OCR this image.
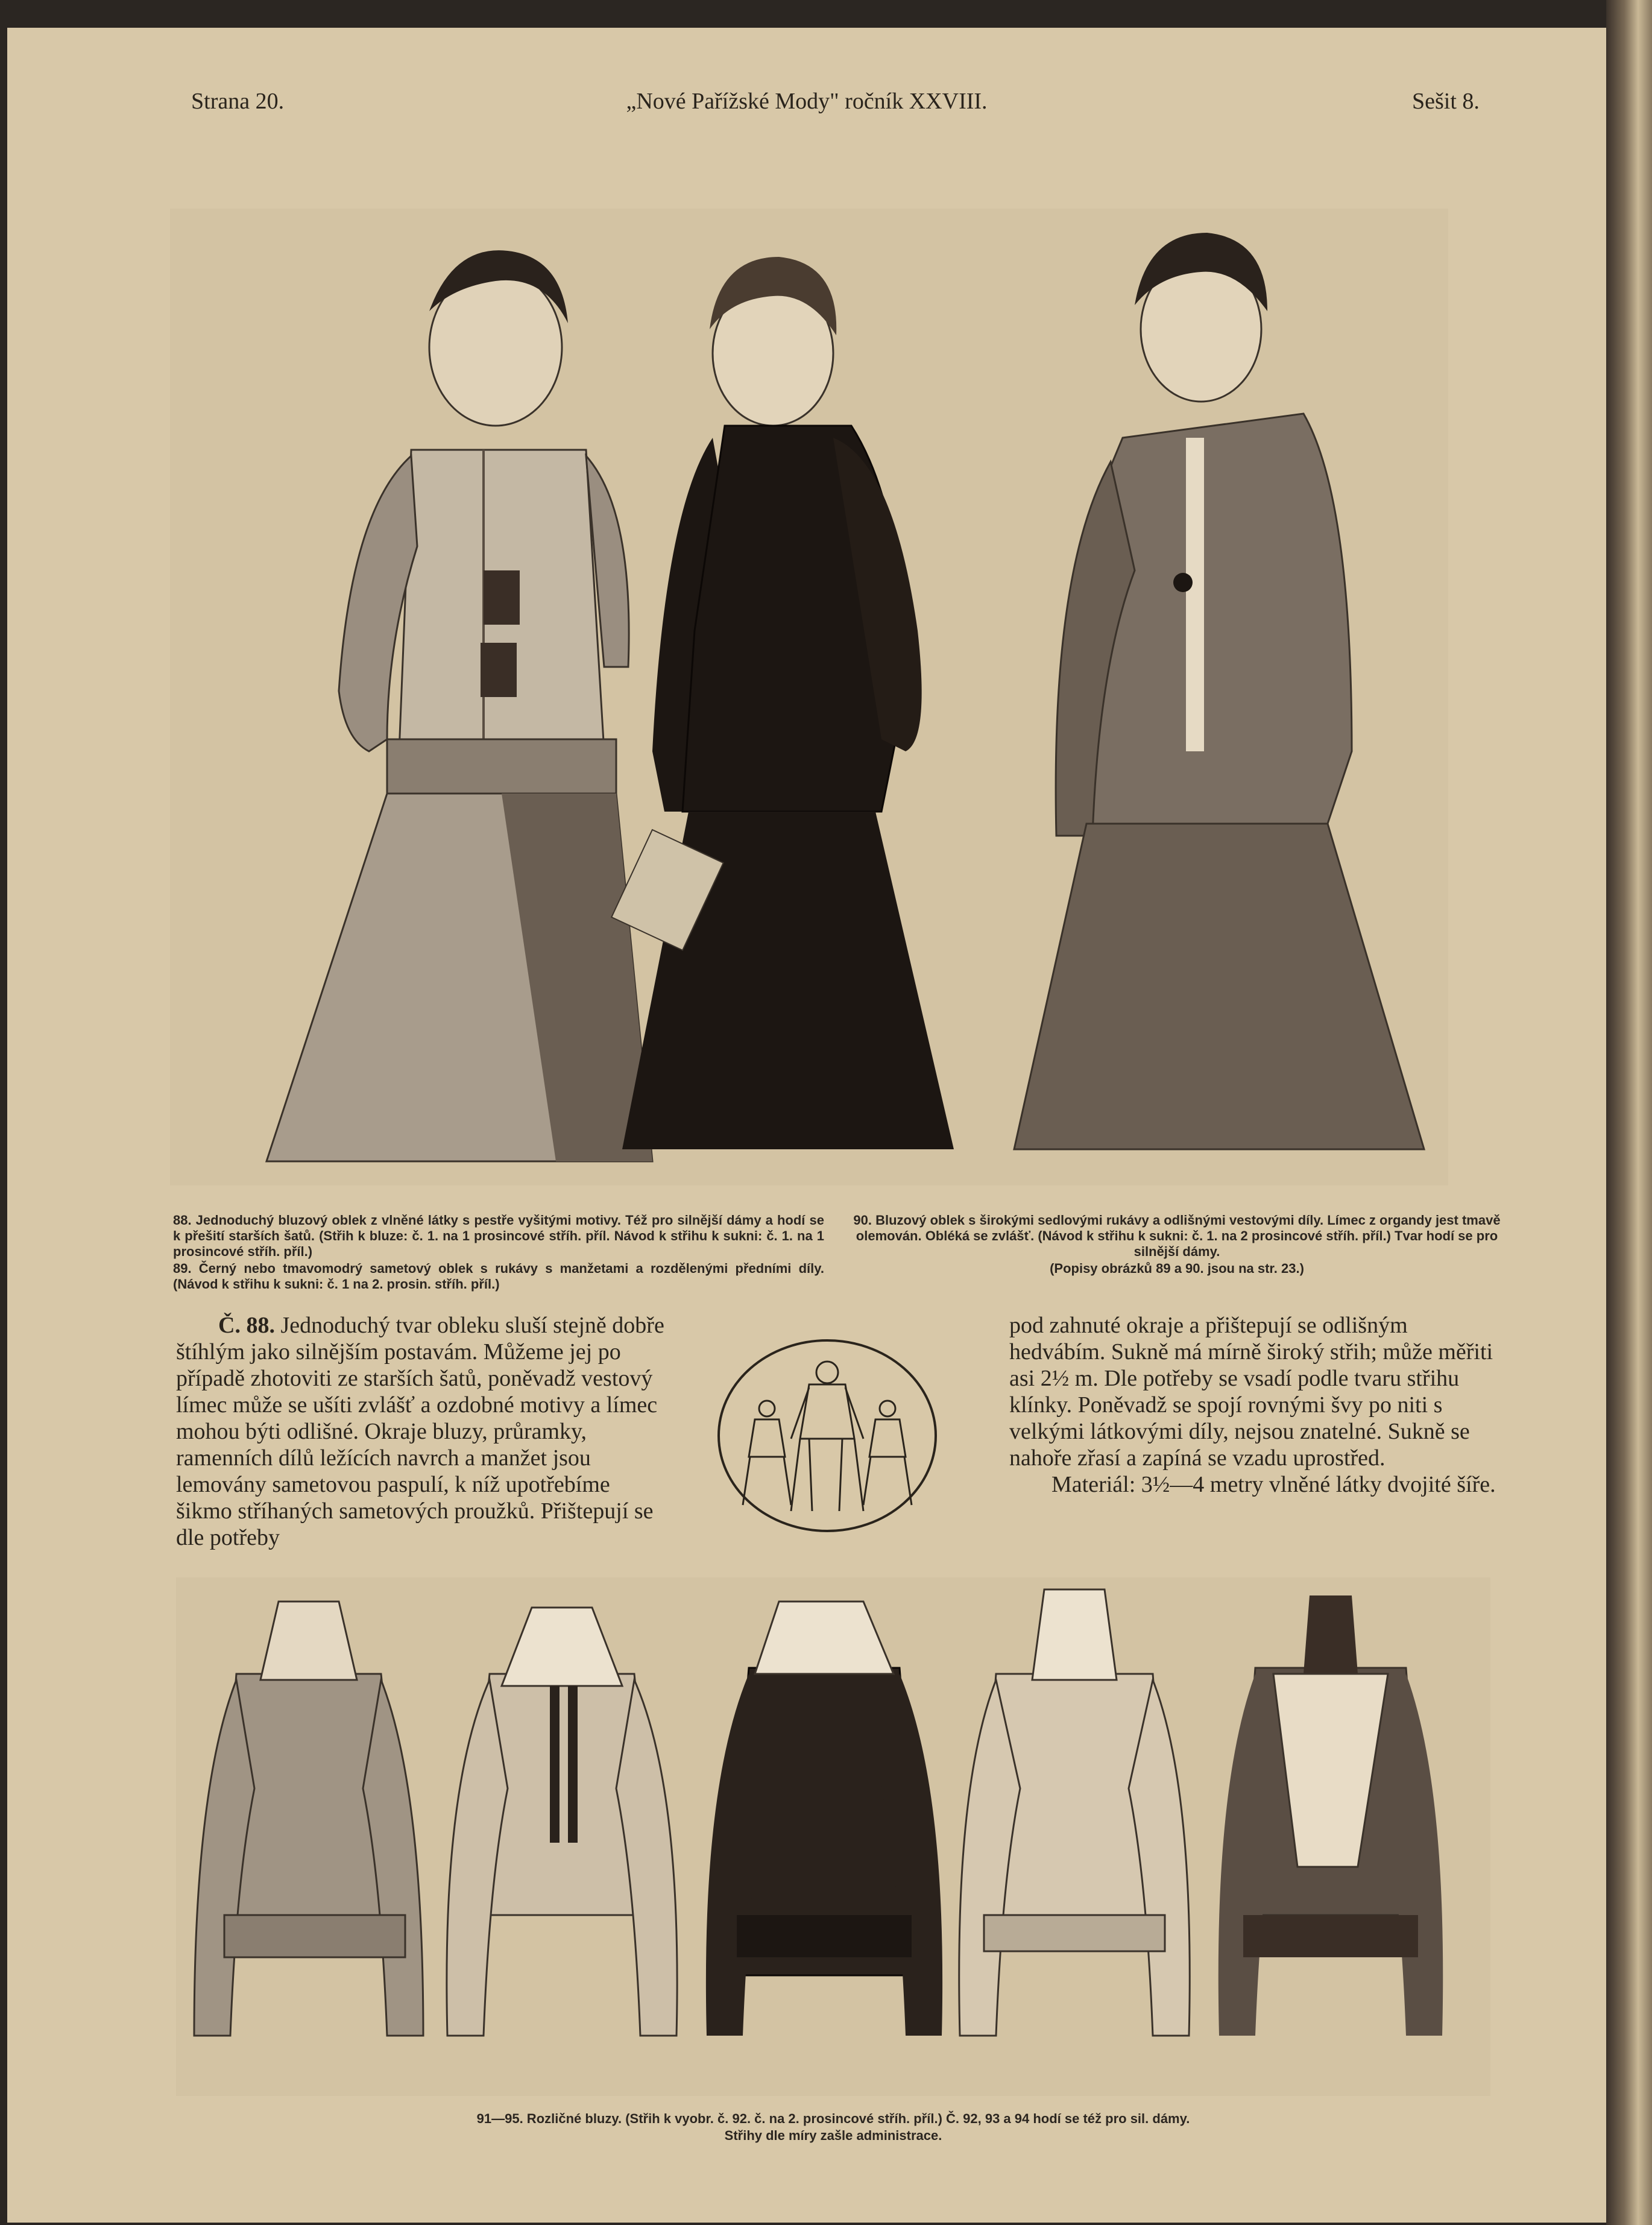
Strana 20.	„Nové Pařížské Mody" ročník XXVIII.	Sešit 8.
88. Jednoduchý bluzový oblek z vlněné látky s pestře vyšitými motivy. Též pro silnější dámy a hodí se k přešití starších šatů. (Střih k bluze: č. 1. na 1 prosincové stříh. příl. Návod k střihu k sukni: č. 1. na 1 prosincové stříh. příl.)
89. Černý nebo tmavomodrý sametový oblek s rukávy s manžetami a rozdělenými předními díly. (Návod k střihu k sukni: č. 1 na 2. prosin. stříh. příl.)
90. Bluzový oblek s širokými sedlovými rukávy a odlišnými vestovými díly. Límec z organdy jest tmavě olemován. Obléká se zvlášť. (Návod k střihu k sukni: č. 1. na 2 prosincové stříh. příl.) Tvar hodí se pro silnější dámy.
(Popisy obrázků 89 a 90. jsou na str. 23.)

Č. 88. Jednoduchý tvar obleku sluší stejně dobře štíhlým jako silnějším postavám. Můžeme jej po případě zhotoviti ze starších šatů, poněvadž vestový límec může se ušíti zvlášť a ozdobné motivy a límec mohou býti odlišné. Okraje bluzy, průramky, ramenních dílů ležících navrch a manžet jsou lemovány sametovou paspulí, k níž upotřebíme šikmo stříhaných sametových proužků. Přištepují se dle potřeby

pod zahnuté okraje a přištepují se odlišným hedvábím. Sukně má mírně široký střih; může měřiti asi 2½ m. Dle potřeby se vsadí podle tvaru střihu klínky. Poněvadž se spojí rovnými švy po niti s velkými látkovými díly, nejsou znatelné. Sukně se nahoře zřasí a zapíná se vzadu uprostřed.

Materiál: 3½—4 metry vlněné látky dvojité šíře.

91—95. Rozličné bluzy. (Střih k vyobr. č. 92. č. na 2. prosincové stříh. příl.) Č. 92, 93 a 94 hodí se též pro sil. dámy.
Střihy dle míry zašle administrace.
